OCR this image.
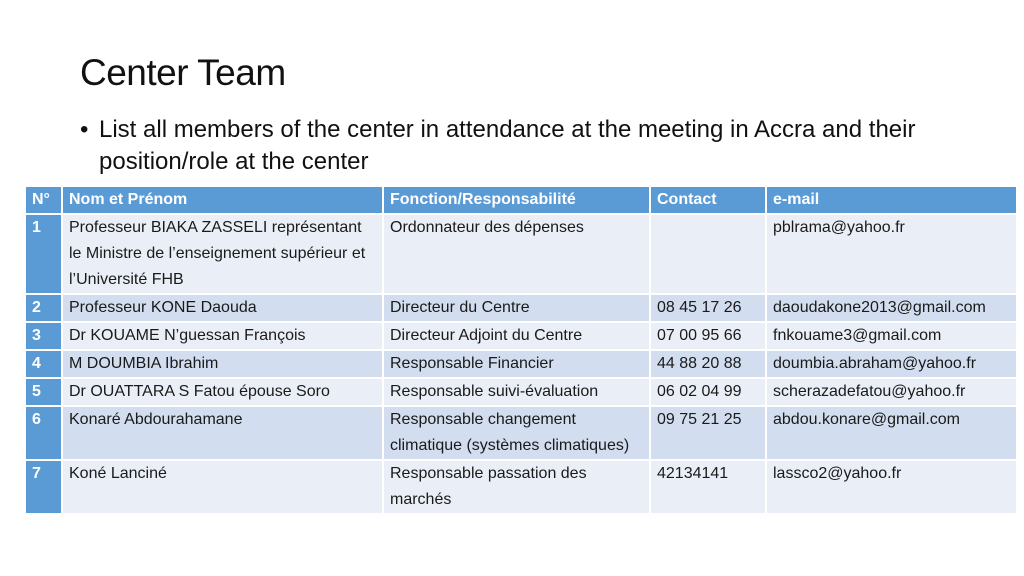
Center Team
• List all members of the center in attendance at the meeting in Accra and their position/role at the center
N°	Nom et Prénom	Fonction/Responsabilité	Contact	e-mail
1	Professeur BIAKA ZASSELI représentant le Ministre de l’enseignement supérieur et l’Université FHB	Ordonnateur des dépenses		pblrama@yahoo.fr
2	Professeur KONE Daouda	Directeur du Centre	08 45 17 26	daoudakone2013@gmail.com
3	Dr KOUAME N’guessan François	Directeur Adjoint du Centre	07 00 95 66	fnkouame3@gmail.com
4	M DOUMBIA Ibrahim	Responsable Financier	44 88 20 88	doumbia.abraham@yahoo.fr
5	Dr OUATTARA S Fatou épouse Soro	Responsable suivi-évaluation	06 02 04 99	scherazadefatou@yahoo.fr
6	Konaré Abdourahamane	Responsable changement climatique (systèmes climatiques)	09 75 21 25	abdou.konare@gmail.com
7	Koné Lanciné	Responsable passation des marchés	42134141	lassco2@yahoo.fr
